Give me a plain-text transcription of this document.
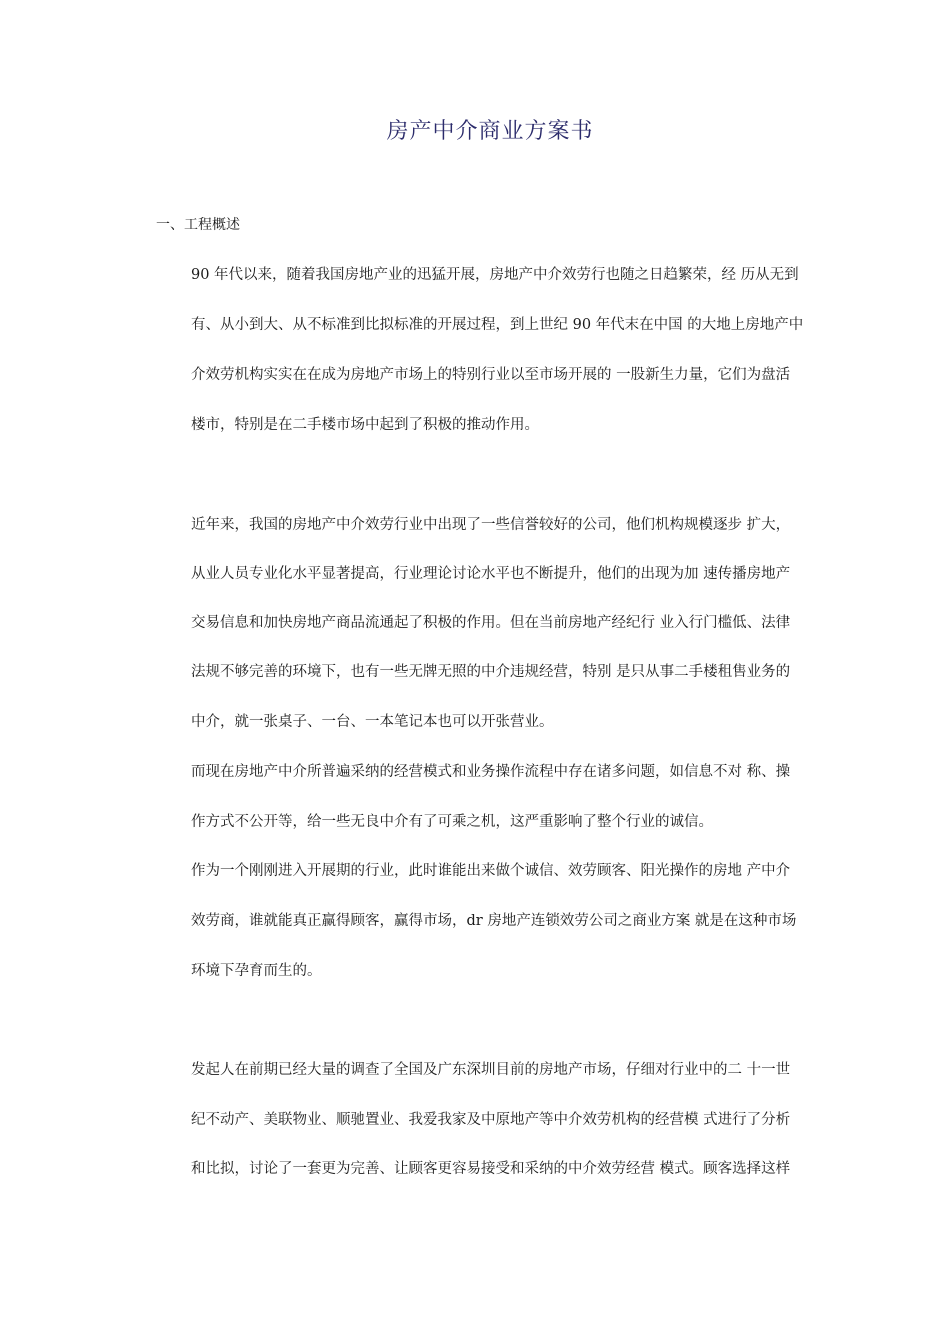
房产中介商业方案书
一、工程概述

90 年代以来，随着我国房地产业的迅猛开展，房地产中介效劳行也随之日趋繁荣，经 历从无到

有、从小到大、从不标准到比拟标准的开展过程，到上世纪 90 年代末在中国 的大地上房地产中

介效劳机构实实在在成为房地产市场上的特别行业以至市场开展的 一股新生力量，它们为盘活

楼市，特别是在二手楼市场中起到了积极的推动作用。

近年来，我国的房地产中介效劳行业中出现了一些信誉较好的公司，他们机构规模逐步 扩大，

从业人员专业化水平显著提高，行业理论讨论水平也不断提升，他们的出现为加 速传播房地产

交易信息和加快房地产商品流通起了积极的作用。但在当前房地产经纪行 业入行门槛低、法律

法规不够完善的环境下，也有一些无牌无照的中介违规经营，特别 是只从事二手楼租售业务的

中介，就一张桌子、一台、一本笔记本也可以开张营业。

而现在房地产中介所普遍采纳的经营模式和业务操作流程中存在诸多问题，如信息不对 称、操

作方式不公开等，给一些无良中介有了可乘之机，这严重影响了整个行业的诚信。

作为一个刚刚进入开展期的行业，此时谁能出来做个诚信、效劳顾客、阳光操作的房地 产中介

效劳商，谁就能真正赢得顾客，赢得市场，dr 房地产连锁效劳公司之商业方案 就是在这种市场

环境下孕育而生的。

发起人在前期已经大量的调查了全国及广东深圳目前的房地产市场，仔细对行业中的二 十一世

纪不动产、美联物业、顺驰置业、我爱我家及中原地产等中介效劳机构的经营模 式进行了分析

和比拟，讨论了一套更为完善、让顾客更容易接受和采纳的中介效劳经营 模式。顾客选择这样
